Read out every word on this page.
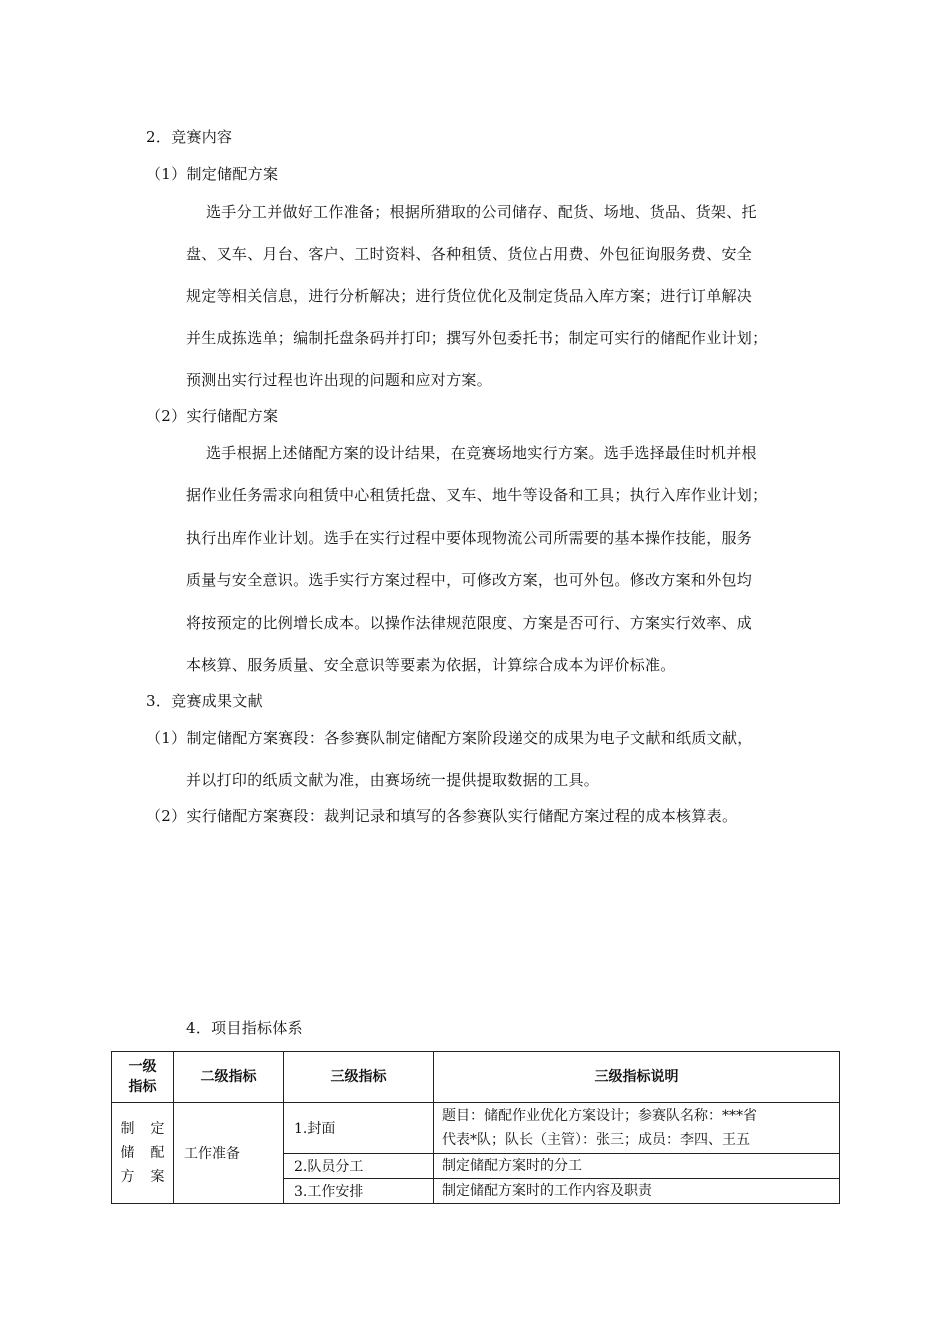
2．竞赛内容
（1）制定储配方案
选手分工并做好工作准备；根据所猎取的公司储存、配货、场地、货品、货架、托
盘、叉车、月台、客户、工时资料、各种租赁、货位占用费、外包征询服务费、安全
规定等相关信息，进行分析解决；进行货位优化及制定货品入库方案；进行订单解决
并生成拣选单；编制托盘条码并打印；撰写外包委托书；制定可实行的储配作业计划；
预测出实行过程也许出现的问题和应对方案。
（2）实行储配方案
选手根据上述储配方案的设计结果，在竞赛场地实行方案。选手选择最佳时机并根
据作业任务需求向租赁中心租赁托盘、叉车、地牛等设备和工具；执行入库作业计划；
执行出库作业计划。选手在实行过程中要体现物流公司所需要的基本操作技能，服务
质量与安全意识。选手实行方案过程中，可修改方案，也可外包。修改方案和外包均
将按预定的比例增长成本。以操作法律规范限度、方案是否可行、方案实行效率、成
本核算、服务质量、安全意识等要素为依据，计算综合成本为评价标准。
3．竞赛成果文献
（1）制定储配方案赛段：各参赛队制定储配方案阶段递交的成果为电子文献和纸质文献，
并以打印的纸质文献为准，由赛场统一提供提取数据的工具。
（2）实行储配方案赛段：裁判记录和填写的各参赛队实行储配方案过程的成本核算表。
4．项目指标体系
一级
指标	二级指标	三级指标	三级指标说明
制定
储配
方案	工作准备	1.封面	题目：储配作业优化方案设计；参赛队名称：***省
代表*队；队长（主管）：张三；成员：李四、王五
		2.队员分工	制定储配方案时的分工
		3.工作安排	制定储配方案时的工作内容及职责
